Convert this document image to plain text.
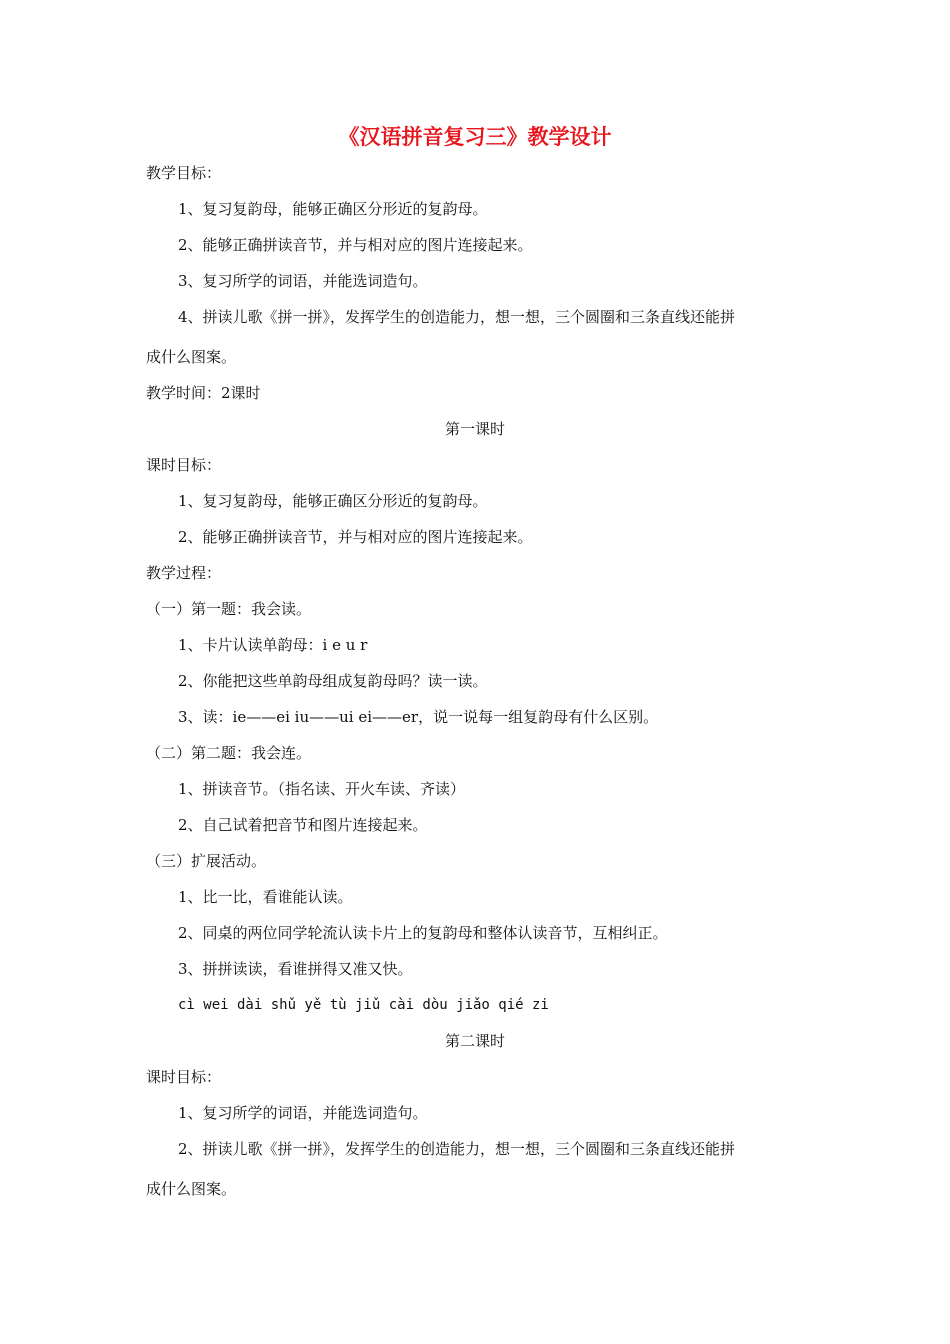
《汉语拼音复习三》教学设计
教学目标：
1、复习复韵母，能够正确区分形近的复韵母。
2、能够正确拼读音节，并与相对应的图片连接起来。
3、复习所学的词语，并能选词造句。
4、拼读儿歌《拼一拼》，发挥学生的创造能力，想一想，三个圆圈和三条直线还能拼
成什么图案。
教学时间：2课时
第一课时
课时目标：
1、复习复韵母，能够正确区分形近的复韵母。
2、能够正确拼读音节，并与相对应的图片连接起来。
教学过程：
（一）第一题：我会读。
1、卡片认读单韵母：i e u r
2、你能把这些单韵母组成复韵母吗？读一读。
3、读：ie——ei iu——ui ei——er，说一说每一组复韵母有什么区别。
（二）第二题：我会连。
1、拼读音节。（指名读、开火车读、齐读）
2、自己试着把音节和图片连接起来。
（三）扩展活动。
1、比一比，看谁能认读。
2、同桌的两位同学轮流认读卡片上的复韵母和整体认读音节，互相纠正。
3、拼拼读读，看谁拼得又准又快。
cì wei dài shǔ yě tù jiǔ cài dòu jiǎo qié zi
第二课时
课时目标：
1、复习所学的词语，并能选词造句。
2、拼读儿歌《拼一拼》，发挥学生的创造能力，想一想，三个圆圈和三条直线还能拼
成什么图案。
